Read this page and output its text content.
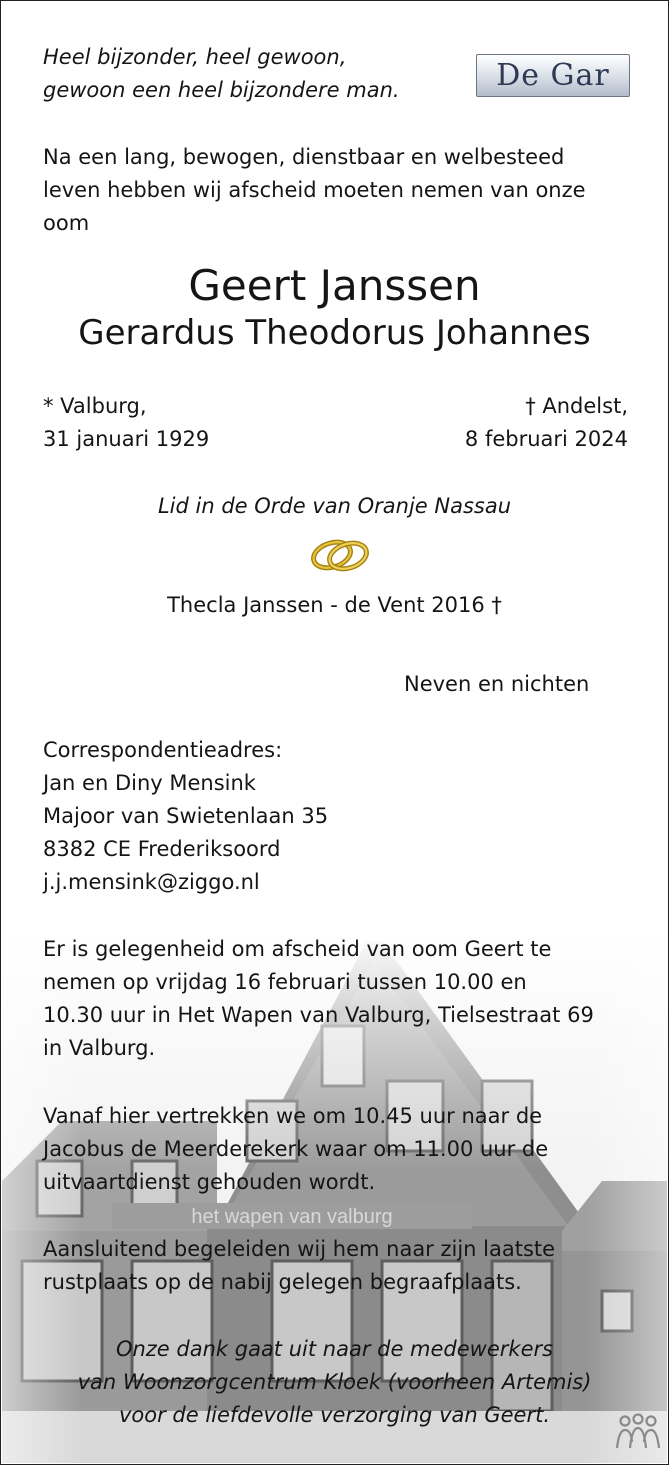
Heel bijzonder, heel gewoon,

gewoon een heel bijzondere man.	De Gar

Na een lang, bewogen, dienstbaar en welbesteed

leven hebben wij afscheid moeten nemen van onze

oom

Geert Janssen

Gerardus Theodorus Johannes

* Valburg,

31 januari 1929

† Andelst,

8 februari 2024

Lid in de Orde van Oranje Nassau

Thecla Janssen - de Vent 2016 †

Neven en nichten

Correspondentieadres:

Jan en Diny Mensink

Majoor van Swietenlaan 35

8382 CE Frederiksoord

j.j.mensink@ziggo.nl

Er is gelegenheid om afscheid van oom Geert te

nemen op vrijdag 16 februari tussen 10.00 en

10.30 uur in Het Wapen van Valburg, Tielsestraat 69

in Valburg.

Vanaf hier vertrekken we om 10.45 uur naar de

Jacobus de Meerderekerk waar om 11.00 uur de

uitvaartdienst gehouden wordt.

Aansluitend begeleiden wij hem naar zijn laatste

rustplaats op de nabij gelegen begraafplaats.

Onze dank gaat uit naar de medewerkers

van Woonzorgcentrum Kloek (voorheen Artemis)

voor de liefdevolle verzorging van Geert.
